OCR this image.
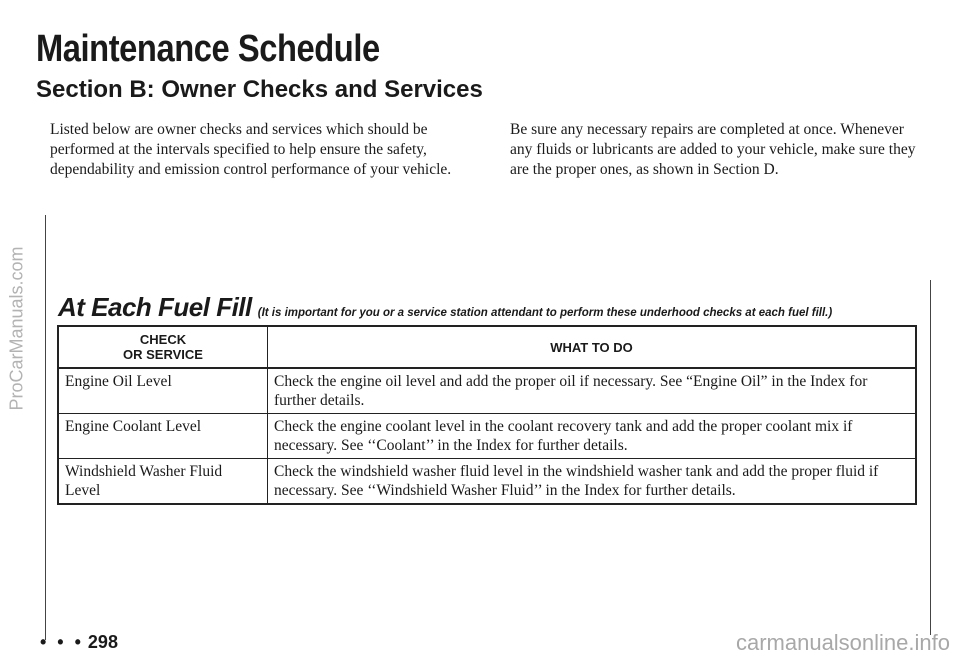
ProCarManuals.com
Maintenance Schedule
Section B: Owner Checks and Services

Listed below are owner checks and services which should be performed at the intervals specified to help ensure the safety, dependability and emission control performance of your vehicle.

Be sure any necessary repairs are completed at once. Whenever any fluids or lubricants are added to your vehicle, make sure they are the proper ones, as shown in Section D.

At Each Fuel Fill (It is important for you or a service station attendant to perform these underhood checks at each fuel fill.)
CHECK
OR SERVICE	WHAT TO DO
Engine Oil Level	Check the engine oil level and add the proper oil if necessary. See “Engine Oil” in the Index for further details.
Engine Coolant Level	Check the engine coolant level in the coolant recovery tank and add the proper coolant mix if necessary. See ‘‘Coolant’’ in the Index for further details.
Windshield Washer Fluid Level	Check the windshield washer fluid level in the windshield washer tank and add the proper fluid if necessary. See ‘‘Windshield Washer Fluid’’ in the Index for further details.
• • • 298	carmanualsonline.info
